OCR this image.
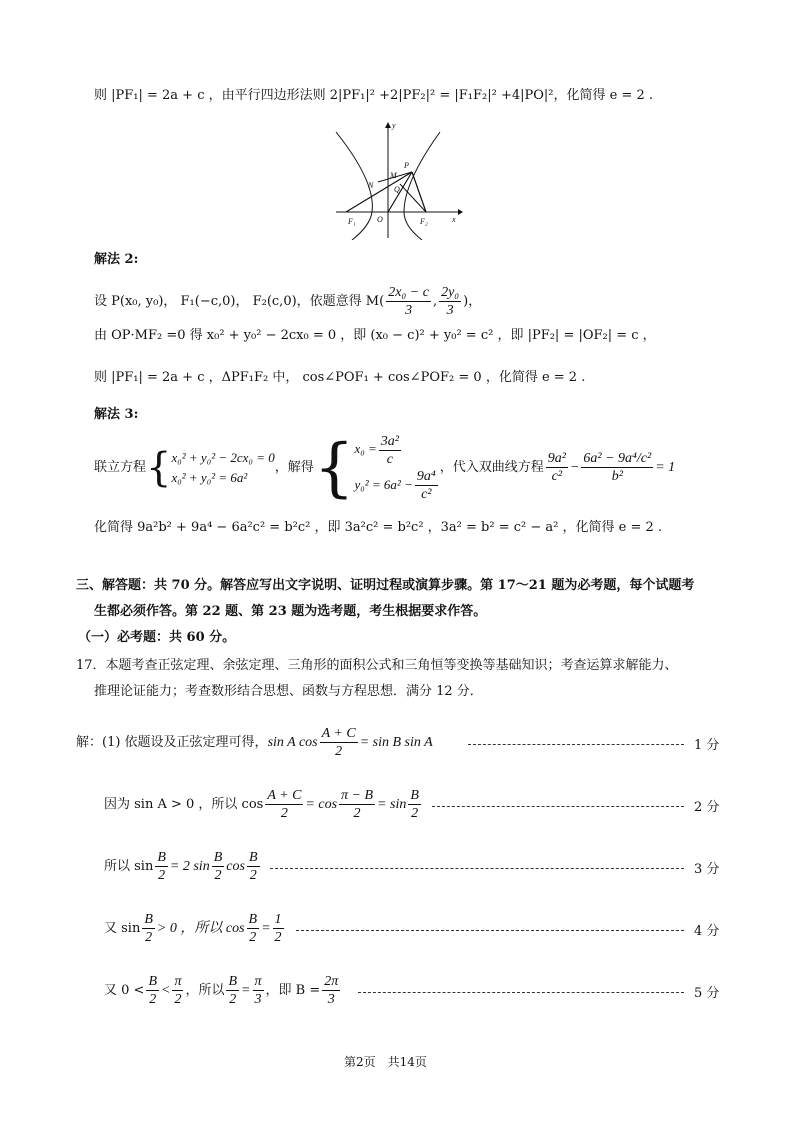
则 |PF₁| = 2a + c ，由平行四边形法则 2|PF₁|² +2|PF₂|² = |F₁F₂|² +4|PO|²，化简得 e = 2 .
y
x
P
M
N	Q
O
F₁	F₂
解法 2:
设 P(x₀, y₀)， F₁(−c,0)， F₂(c,0)，依题意得 $M( \frac{\text{2x₀ − c}}{3}$ , $\frac{\text{2y₀}}{3}$ )，
由 OP·MF₂ =0 得 x₀² + y₀² − 2cx₀ = 0 ，即 (x₀ − c)² + y₀² = c² ，即 |PF₂| = |OF₂| = c ，
则 |PF₁| = 2a + c ，ΔPF₁F₂ 中， cos∠POF₁ + cos∠POF₂ = 0 ，化简得 e = 2 .
解法 3:
联立方程{ x₀² + y₀² − 2cx₀ = 0
x₀² + y₀² = 6a²
，解得{ $x_0 = \frac{\text{3a²}}{c}$
$y_0^2 = 6a^2 - \frac{\text{9a⁴}}{\text{c²}}$
，代入双曲线方程 $\frac{\text{9a²}}{\text{c²}} - \frac{\text{6a² − 9a⁴/c²}}{\text{b²}} = 1$
化简得 9a²b² + 9a⁴ − 6a²c² = b²c² ，即 3a²c² = b²c² ，3a² = b² = c² − a² ，化简得 e = 2 .
三、解答题：共 70 分。解答应写出文字说明、证明过程或演算步骤。第 17～21 题为必考题，每个试题考
生都必须作答。第 22 题、第 23 题为选考题，考生根据要求作答。
（一）必考题：共 60 分。
17．本题考查正弦定理、余弦定理、三角形的面积公式和三角恒等变换等基础知识；考查运算求解能力、
推理论证能力；考查数形结合思想、函数与方程思想．满分 12 分．
解：(1) 依题设及正弦定理可得，sin A $\cos \frac{A + C}{2} = \sin B$ sin A	1 分
因为 sin A > 0 ，所以 $\cos \frac{A + C}{2} = \cos \frac{\pi - B}{2} = \sin \frac{B}{2}$	2 分
所以 $\sin \frac{B}{2} = 2$ $\sin \frac{B}{2}$ $\cos \frac{B}{2}$	3 分
又 $\sin \frac{B}{2} > 0$ ，所以 $\cos \frac{B}{2} = \frac{1}{2}$	4 分
又 $0 < \frac{B}{2} < \frac{\pi}{2}$ ，所以 $\frac{B}{2} = \frac{\pi}{3}$ ，即 $B = \frac{2\pi}{3}$	5 分
第2页　共14页
